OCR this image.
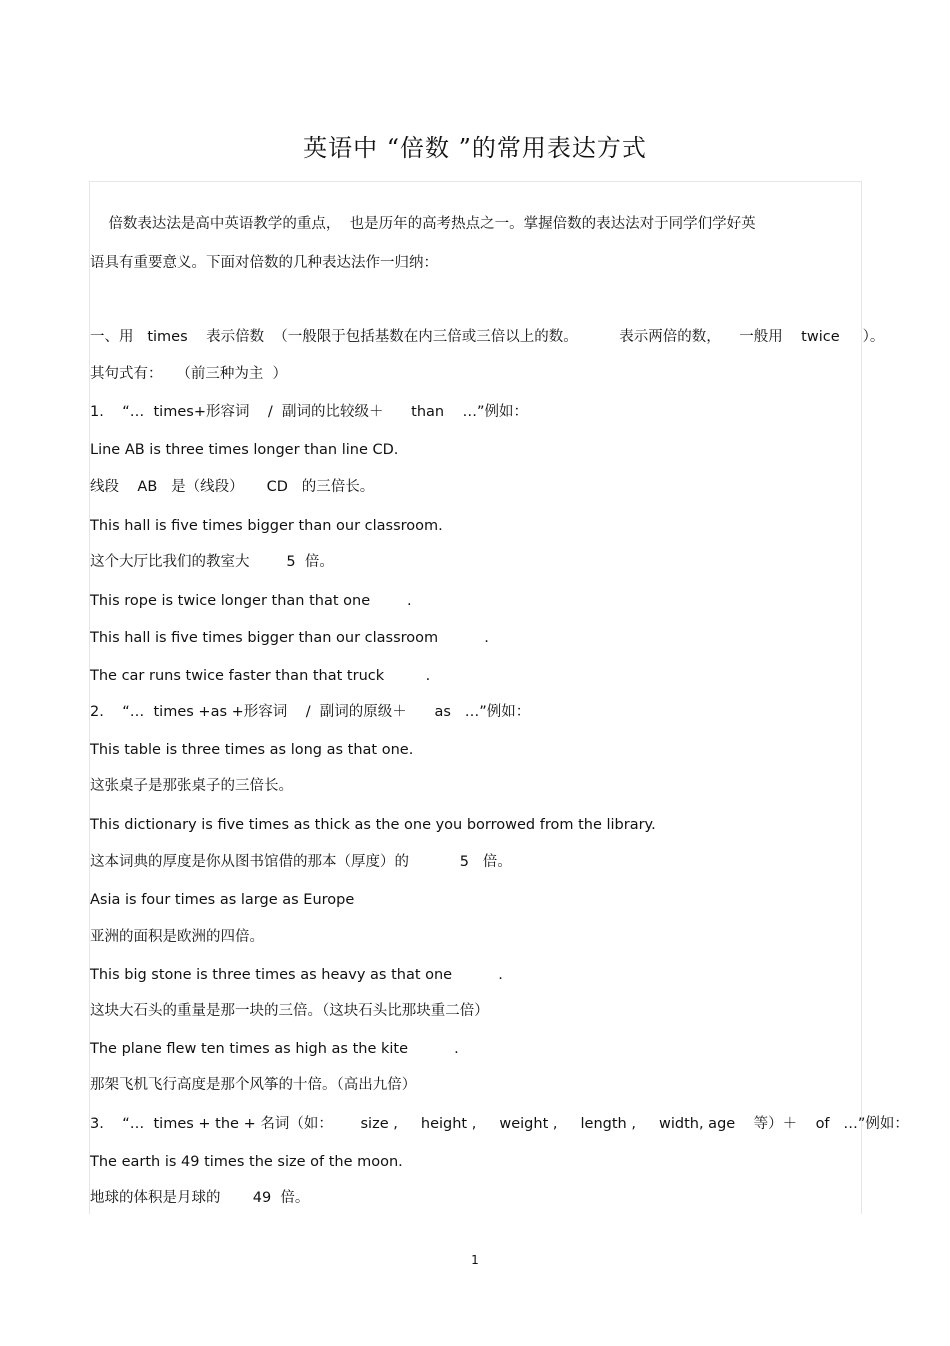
英语中 “倍数 ”的常用表达方式
倍数表达法是高中英语教学的重点，  也是历年的高考热点之一。掌握倍数的表达法对于同学们学好英
语具有重要意义。下面对倍数的几种表达法作一归纳：
一、用   times    表示倍数  （一般限于包括基数在内三倍或三倍以上的数。         表示两倍的数，    一般用    twice     ）。
其句式有：   （前三种为主  ）
1.    “…  times+形容词    /  副词的比较级＋      than    …”例如：
Line AB is three times longer than line CD.
线段    AB   是（线段）     CD   的三倍长。
This hall is five times bigger than our classroom.
这个大厅比我们的教室大        5  倍。
This rope is twice longer than that one        .
This hall is five times bigger than our classroom          .
The car runs twice faster than that truck         .
2.    “…  times +as +形容词    /  副词的原级＋      as   …”例如：
This table is three times as long as that one.
这张桌子是那张桌子的三倍长。
This dictionary is five times as thick as the one you borrowed from the library.
这本词典的厚度是你从图书馆借的那本（厚度）的           5   倍。
Asia is four times as large as Europe
亚洲的面积是欧洲的四倍。
This big stone is three times as heavy as that one          .
这块大石头的重量是那一块的三倍。（这块石头比那块重二倍）
The plane flew ten times as high as the kite          .
那架飞机飞行高度是那个风筝的十倍。（高出九倍）
3.    “…  times + the + 名词（如：      size ,     height ,     weight ,     length ,     width, age    等）＋    of   …”例如：
The earth is 49 times the size of the moon.
地球的体积是月球的       49  倍。
1
